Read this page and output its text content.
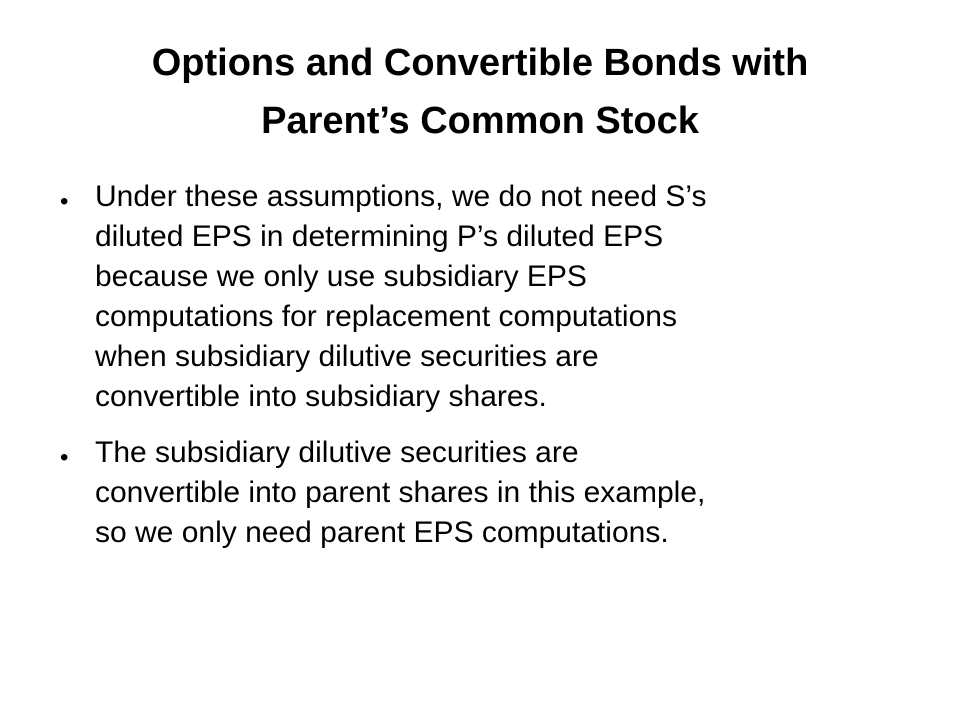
Options and Convertible Bonds with
Parent’s Common Stock
• Under these assumptions, we do not need S’s
diluted EPS in determining P’s diluted EPS
because we only use subsidiary EPS
computations for replacement computations
when subsidiary dilutive securities are
convertible into subsidiary shares.
• The subsidiary dilutive securities are
convertible into parent shares in this example,
so we only need parent EPS computations.
